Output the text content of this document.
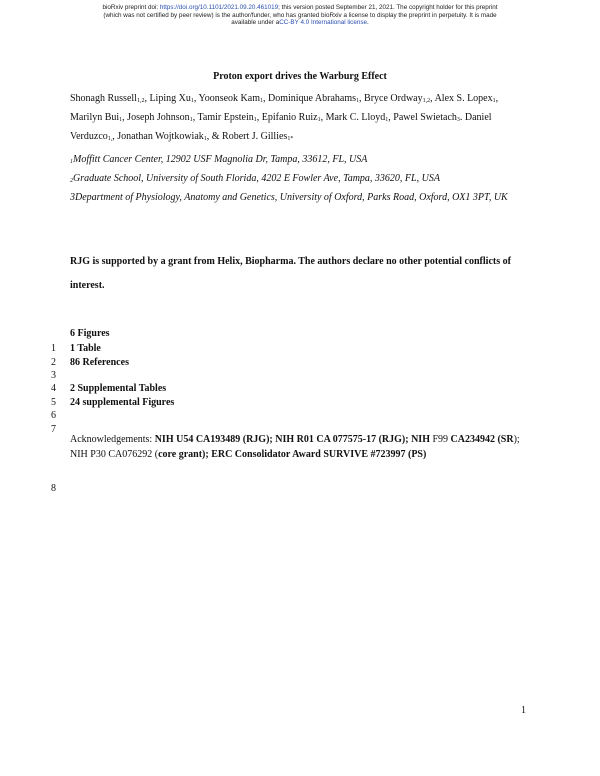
bioRxiv preprint doi: https://doi.org/10.1101/2021.09.20.461019; this version posted September 21, 2021. The copyright holder for this preprint
(which was not certified by peer review) is the author/funder, who has granted bioRxiv a license to display the preprint in perpetuity. It is made
available under aCC-BY 4.0 International license.
Proton export drives the Warburg Effect
Shonagh Russell$_{1,2}$, Liping $Xu_1$, Yoonseok Kam$_1$, Dominique Abrahams$_1$, Bryce Ordway$_{1,2}$, Alex S. Lopex$_1$, Marilyn Bui$_1$, Joseph Johnson$_1$, Tamir Epstein$_1$, Epifanio Ruiz$_1$, Mark C. Lloyd$_1$, Pawel Swietach$_3$. Daniel Verduzco$_{1,}$, Jonathan Wojtkowiak$_1$, & Robert J. Gillies$_{1*}$
$_1$Moffitt Cancer Center, 12902 USF Magnolia Dr, Tampa, 33612, FL, USA
$_2$Graduate School, University of South Florida, 4202 E Fowler Ave, Tampa, 33620, FL, USA
3Department of Physiology, Anatomy and Genetics, University of Oxford, Parks Road, Oxford, OX1 3PT, UK
RJG is supported by a grant from Helix, Biopharma. The authors declare no other potential conflicts of interest.
6 Figures
1 Table
86 References
2 Supplemental Tables
24 supplemental Figures
1
2
3
4
5
6
7
8
Acknowledgements: NIH U54 CA193489 (RJG); NIH R01 CA 077575-17 (RJG); NIH F99 CA234942 (SR); NIH P30 CA076292 (core grant); ERC Consolidator Award SURVIVE #723997 (PS)
1
